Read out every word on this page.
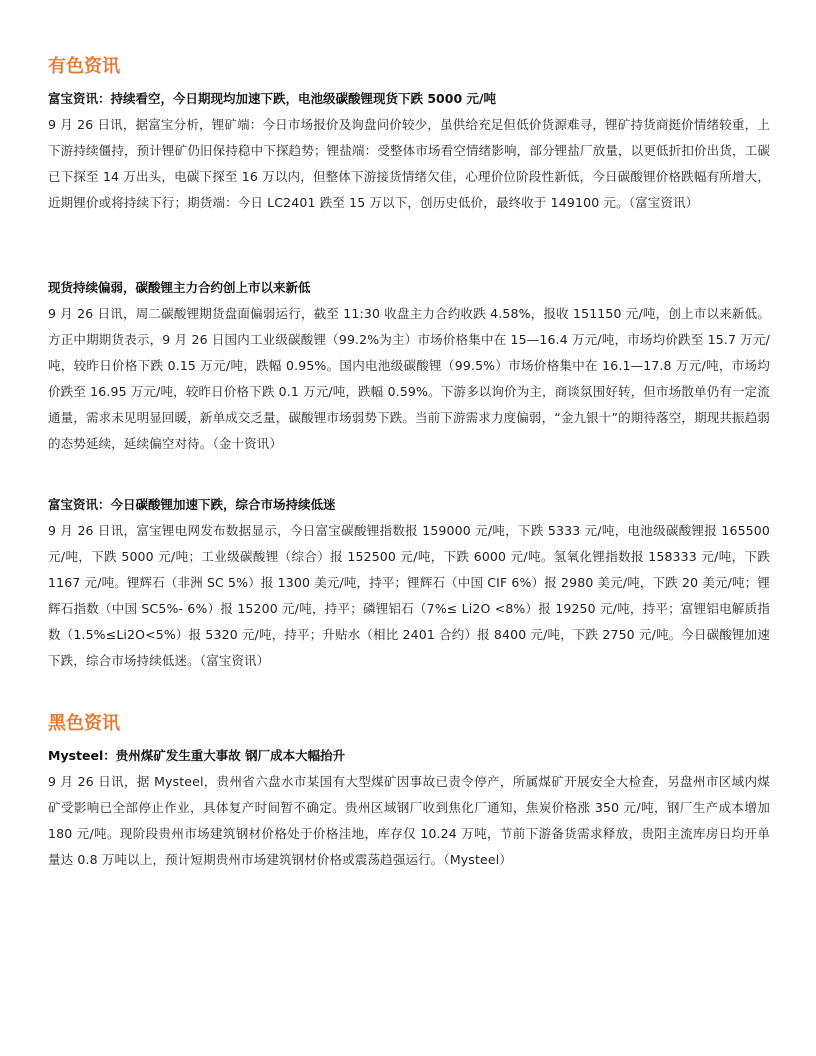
有色资讯
富宝资讯：持续看空，今日期现均加速下跌，电池级碳酸锂现货下跌 5000 元/吨

9 月 26 日讯，据富宝分析，锂矿端：今日市场报价及询盘问价较少，虽供给充足但低价货源难寻，锂矿持货商挺价情绪较重，上下游持续僵持，预计锂矿仍旧保持稳中下探趋势；锂盐端：受整体市场看空情绪影响，部分锂盐厂放量，以更低折扣价出货，工碳已下探至 14 万出头，电碳下探至 16 万以内，但整体下游接货情绪欠佳，心理价位阶段性新低，今日碳酸锂价格跌幅有所增大，近期锂价或将持续下行；期货端：今日 LC2401 跌至 15 万以下，创历史低价，最终收于 149100 元。（富宝资讯）

现货持续偏弱，碳酸锂主力合约创上市以来新低

9 月 26 日讯，周二碳酸锂期货盘面偏弱运行，截至 11:30 收盘主力合约收跌 4.58%，报收 151150 元/吨，创上市以来新低。方正中期期货表示，9 月 26 日国内工业级碳酸锂（99.2%为主）市场价格集中在 15—16.4 万元/吨，市场均价跌至 15.7 万元/吨，较昨日价格下跌 0.15 万元/吨，跌幅 0.95%。国内电池级碳酸锂（99.5%）市场价格集中在 16.1—17.8 万元/吨，市场均价跌至 16.95 万元/吨，较昨日价格下跌 0.1 万元/吨，跌幅 0.59%。下游多以询价为主，商谈氛围好转，但市场散单仍有一定流通量，需求未见明显回暖，新单成交乏量，碳酸锂市场弱势下跌。当前下游需求力度偏弱，“金九银十”的期待落空，期现共振趋弱的态势延续，延续偏空对待。（金十资讯）

富宝资讯：今日碳酸锂加速下跌，综合市场持续低迷

9 月 26 日讯，富宝锂电网发布数据显示，今日富宝碳酸锂指数报 159000 元/吨，下跌 5333 元/吨，电池级碳酸锂报 165500 元/吨，下跌 5000 元/吨；工业级碳酸锂（综合）报 152500 元/吨，下跌 6000 元/吨。氢氧化锂指数报 158333 元/吨，下跌 1167 元/吨。锂辉石（非洲 SC 5%）报 1300 美元/吨，持平；锂辉石（中国 CIF 6%）报 2980 美元/吨，下跌 20 美元/吨；锂辉石指数（中国 SC5%- 6%）报 15200 元/吨，持平；磷锂铝石（7%≤ Li2O <8%）报 19250 元/吨，持平；富锂铝电解质指数（1.5%≤Li2O<5%）报 5320 元/吨，持平；升贴水（相比 2401 合约）报 8400 元/吨，下跌 2750 元/吨。今日碳酸锂加速下跌，综合市场持续低迷。（富宝资讯）

黑色资讯
Mysteel：贵州煤矿发生重大事故 钢厂成本大幅抬升

9 月 26 日讯，据 Mysteel，贵州省六盘水市某国有大型煤矿因事故已责令停产，所属煤矿开展安全大检查，另盘州市区域内煤矿受影响已全部停止作业，具体复产时间暂不确定。贵州区域钢厂收到焦化厂通知，焦炭价格涨 350 元/吨，钢厂生产成本增加 180 元/吨。现阶段贵州市场建筑钢材价格处于价格洼地，库存仅 10.24 万吨，节前下游备货需求释放，贵阳主流库房日均开单量达 0.8 万吨以上，预计短期贵州市场建筑钢材价格或震荡趋强运行。（Mysteel）
